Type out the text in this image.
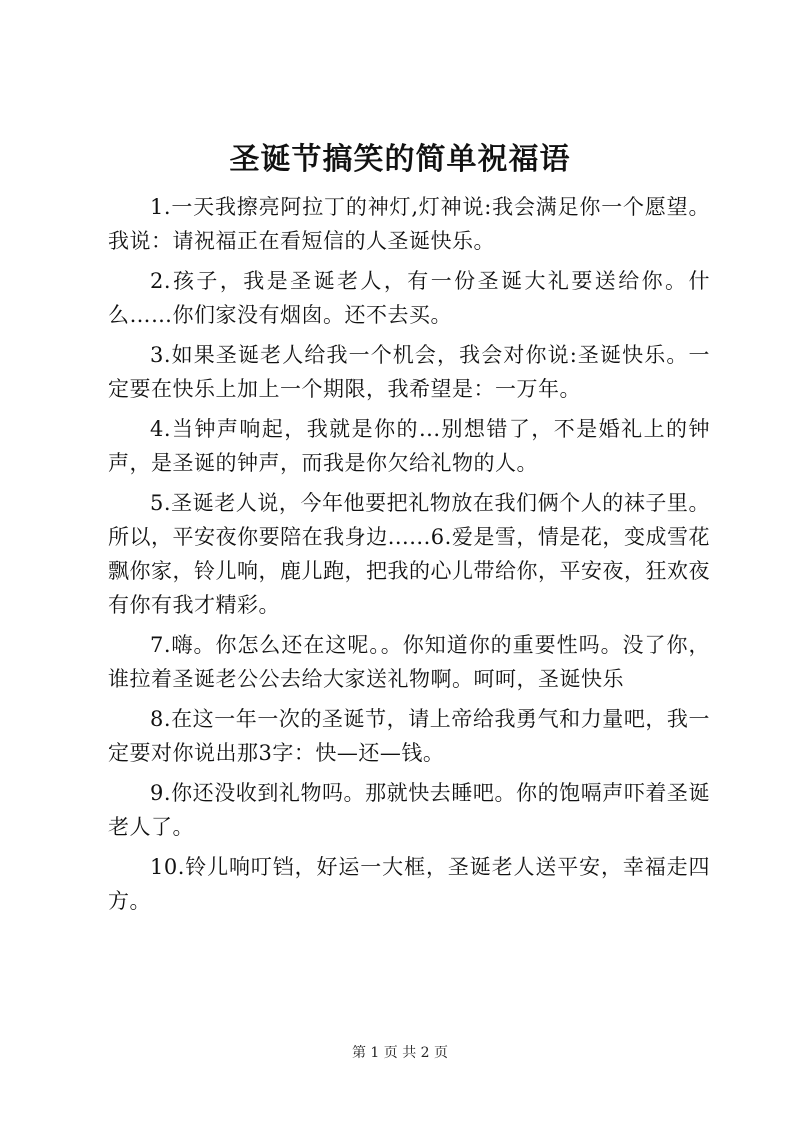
圣诞节搞笑的简单祝福语

1.一天我擦亮阿拉丁的神灯,灯神说:我会满足你一个愿望。我说：请祝福正在看短信的人圣诞快乐。

2.孩子，我是圣诞老人，有一份圣诞大礼要送给你。什么……你们家没有烟囱。还不去买。

3.如果圣诞老人给我一个机会，我会对你说:圣诞快乐。一定要在快乐上加上一个期限，我希望是：一万年。

4.当钟声响起，我就是你的...别想错了，不是婚礼上的钟声，是圣诞的钟声，而我是你欠给礼物的人。

5.圣诞老人说，今年他要把礼物放在我们俩个人的袜子里。所以，平安夜你要陪在我身边......6.爱是雪，情是花，变成雪花飘你家，铃儿响，鹿儿跑，把我的心儿带给你，平安夜，狂欢夜有你有我才精彩。

7.嗨。你怎么还在这呢。。你知道你的重要性吗。没了你，谁拉着圣诞老公公去给大家送礼物啊。呵呵，圣诞快乐

8.在这一年一次的圣诞节，请上帝给我勇气和力量吧，我一定要对你说出那3字：快—还—钱。

9.你还没收到礼物吗。那就快去睡吧。你的饱嗝声吓着圣诞老人了。

10.铃儿响叮铛，好运一大框，圣诞老人送平安，幸福走四方。

第 1 页 共 2 页
